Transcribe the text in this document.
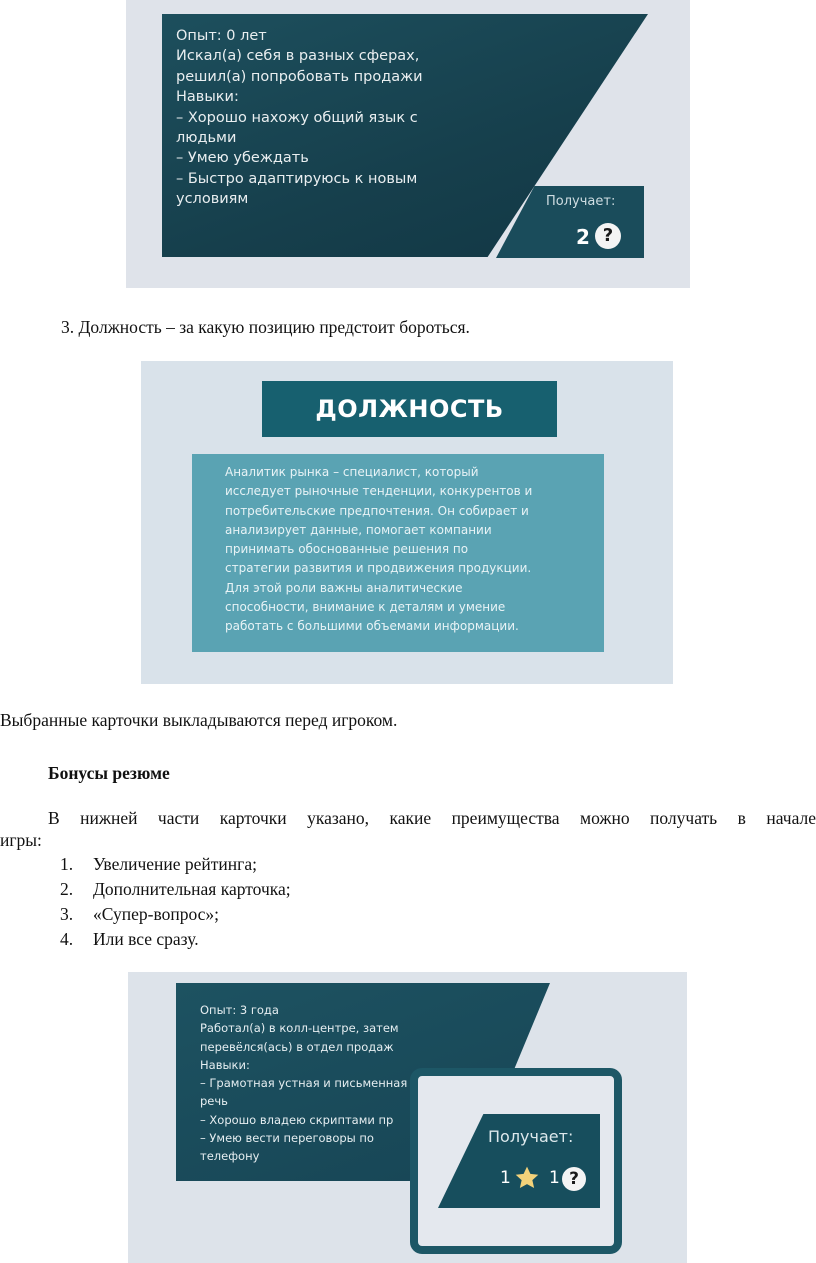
Опыт: 0 лет
Искал(а) себя в разных сферах,
решил(а) попробовать продажи
Навыки:
– Хорошо нахожу общий язык с
людьми
– Умею убеждать
– Быстро адаптируюсь к новым
условиям	Получает:
2 ?
3. Должность – за какую позицию предстоит бороться.
ДОЛЖНОСТЬ
Аналитик рынка – специалист, который
исследует рыночные тенденции, конкурентов и
потребительские предпочтения. Он собирает и
анализирует данные, помогает компании
принимать обоснованные решения по
стратегии развития и продвижения продукции.
Для этой роли важны аналитические
способности, внимание к деталям и умение
работать с большими объемами информации.
Выбранные карточки выкладываются перед игроком.
Бонусы резюме
В нижней части карточки указано, какие преимущества можно получать в начале
игры:
1. Увеличение рейтинга;
2. Дополнительная карточка;
3. «Супер-вопрос»;
4. Или все сразу.
Опыт: 3 года
Работал(а) в колл-центре, затем
перевёлся(ась) в отдел продаж
Навыки:
– Грамотная устная и письменная
речь
– Хорошо владею скриптами пр
– Умею вести переговоры по
телефону
Получает:
1 1 ?
